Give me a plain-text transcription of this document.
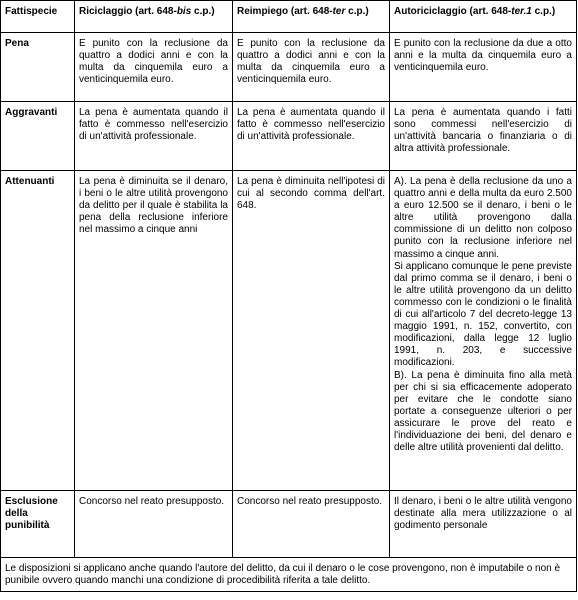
Fattispecie	Riciclaggio (art. 648-bis c.p.)	Reimpiego (art. 648-ter c.p.)	Autoriciclaggio (art. 648-ter.1 c.p.)
Pena	E punito con la reclusione da quattro a dodici anni e con la multa da cinquemila euro a venticinquemila euro.	E punito con la reclusione da quattro a dodici anni e con la multa da cinquemila euro a venticinquemila euro.	E punito con la reclusione da due a otto anni e la multa da cinquemila euro a venticinquemila euro.
Aggravanti	La pena è aumentata quando il fatto è commesso nell'esercizio di un'attività professionale.	La pena è aumentata quando il fatto è commesso nell'esercizio di un'attività professionale.	La pena è aumentata quando i fatti sono commessi nell'esercizio di un'attività bancaria o finanziaria o di altra attività professionale.
Attenuanti	La pena è diminuita se il denaro, i beni o le altre utilità provengono da delitto per il quale è stabilita la pena della reclusione inferiore nel massimo a cinque anni	La pena è diminuita nell'ipotesi di cui al secondo comma dell'art. 648.	A). La pena è della reclusione da uno a quattro anni e della multa da euro 2.500 a euro 12.500 se il denaro, i beni o le altre utilità provengono dalla commissione di un delitto non colposo punito con la reclusione inferiore nel massimo a cinque anni.

Si applicano comunque le pene previste dal primo comma se il denaro, i beni o le altre utilità provengono da un delitto commesso con le condizioni o le finalità di cui all'articolo 7 del decreto-legge 13 maggio 1991, n. 152, convertito, con modificazioni, dalla legge 12 luglio 1991, n. 203, e successive modificazioni.

B). La pena è diminuita fino alla metà per chi si sia efficacemente adoperato per evitare che le condotte siano portate a conseguenze ulteriori o per assicurare le prove del reato e l'individuazione dei beni, del denaro e delle altre utilità provenienti dal delitto.

Esclusione della punibilità	Concorso nel reato presupposto.	Concorso nel reato presupposto.	Il denaro, i beni o le altre utilità vengono destinate alla mera utilizzazione o al godimento personale
Le disposizioni si applicano anche quando l'autore del delitto, da cui il denaro o le cose provengono, non è imputabile o non è punibile ovvero quando manchi una condizione di procedibilità riferita a tale delitto.			
